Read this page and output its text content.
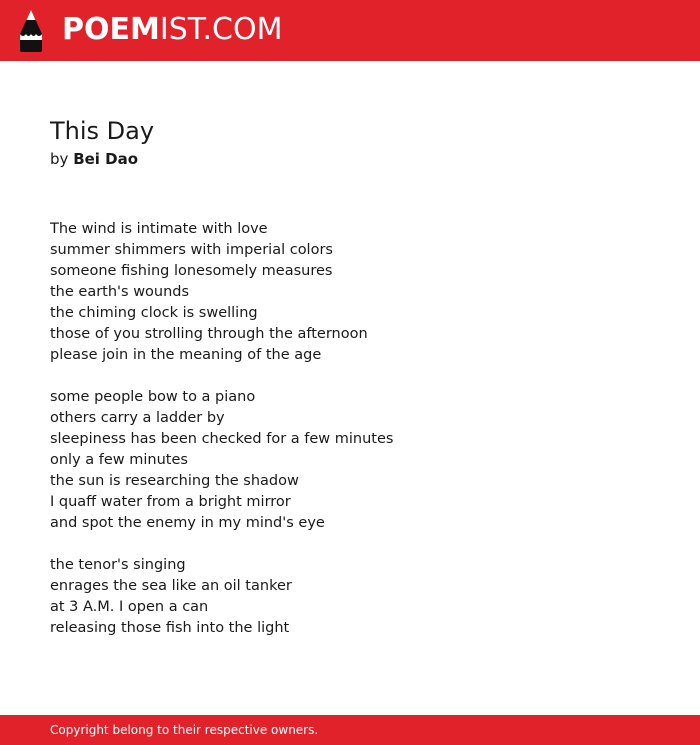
POEMIST.COM
This Day
by Bei Dao
The wind is intimate with love
summer shimmers with imperial colors
someone fishing lonesomely measures
the earth's wounds
the chiming clock is swelling
those of you strolling through the afternoon
please join in the meaning of the age
some people bow to a piano
others carry a ladder by
sleepiness has been checked for a few minutes
only a few minutes
the sun is researching the shadow
I quaff water from a bright mirror
and spot the enemy in my mind's eye
the tenor's singing
enrages the sea like an oil tanker
at 3 A.M. I open a can
releasing those fish into the light
Copyright belong to their respective owners.
